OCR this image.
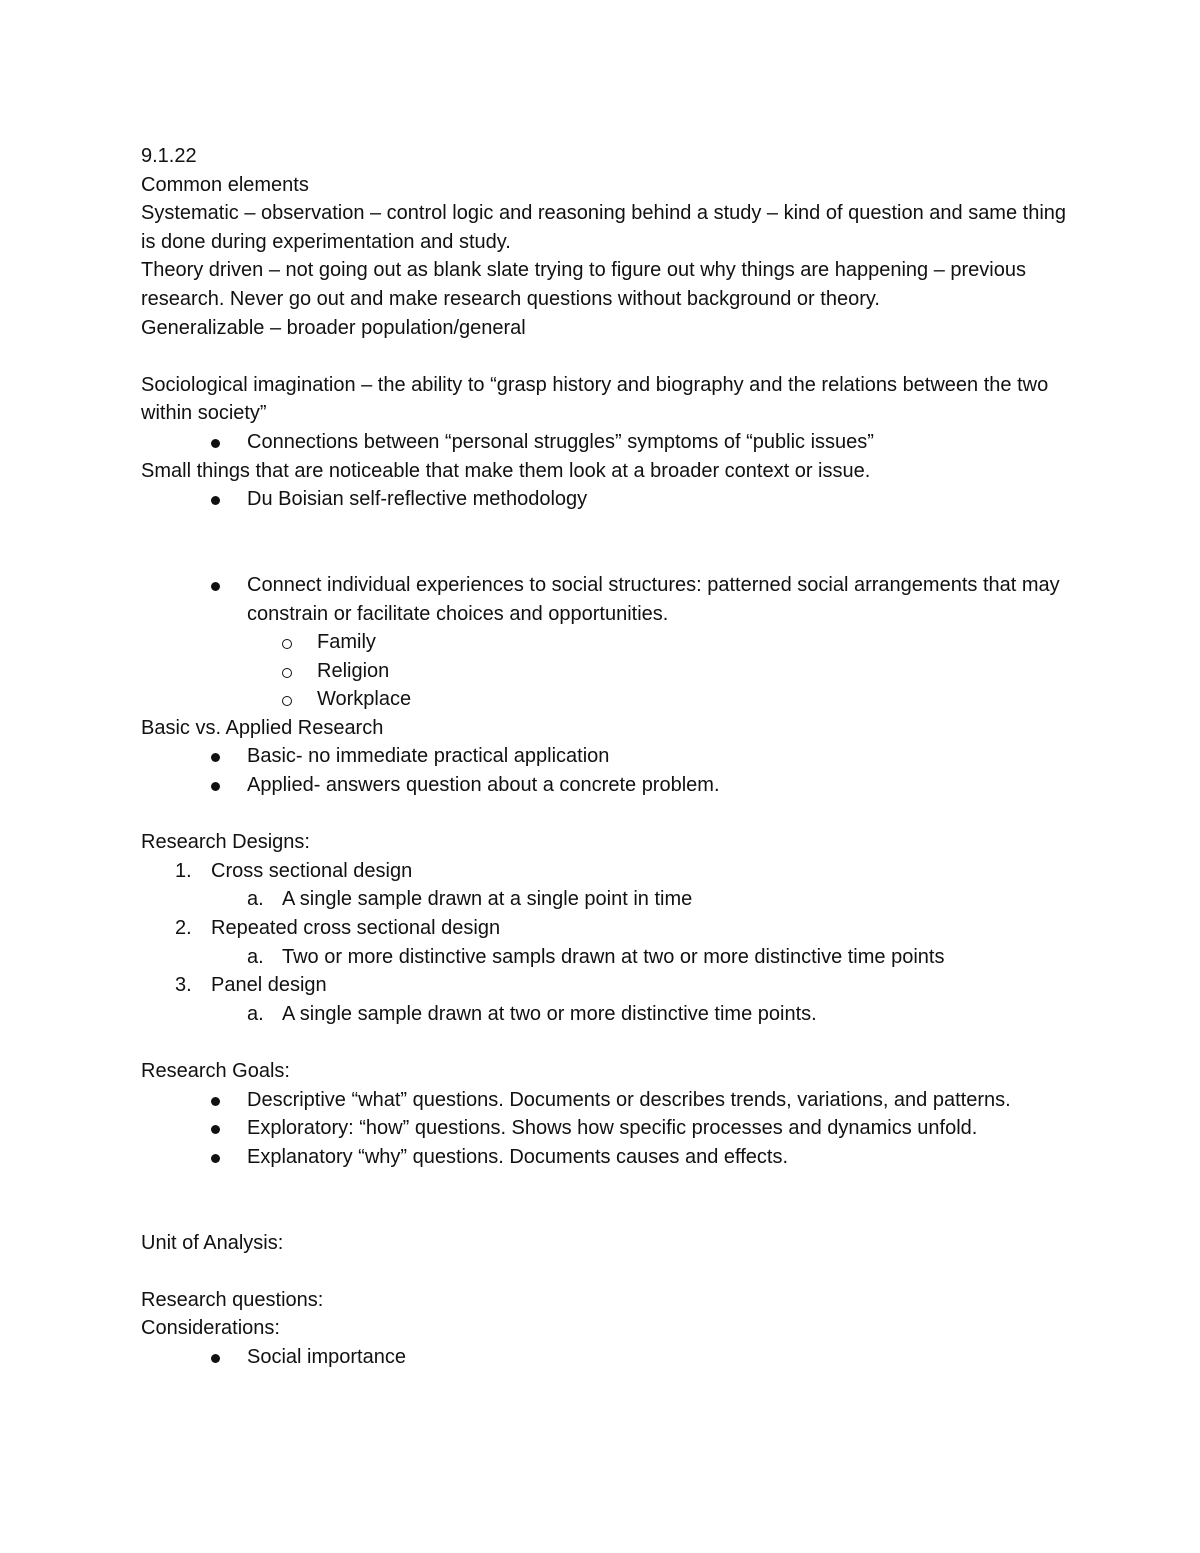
9.1.22

Common elements

Systematic – observation – control logic and reasoning behind a study – kind of question and same thing is done during experimentation and study.

Theory driven – not going out as blank slate trying to figure out why things are happening – previous research. Never go out and make research questions without background or theory.

Generalizable – broader population/general

Sociological imagination – the ability to “grasp history and biography and the relations between the two within society”

Connections between “personal struggles” symptoms of “public issues”

Small things that are noticeable that make them look at a broader context or issue.

Du Boisian self-reflective methodology
Connect individual experiences to social structures: patterned social arrangements that may constrain or facilitate choices and opportunities.
Family
Religion
Workplace

Basic vs. Applied Research

Basic- no immediate practical application
Applied- answers question about a concrete problem.

Research Designs:

1. Cross sectional design
a. A single sample drawn at a single point in time
2. Repeated cross sectional design
a. Two or more distinctive sampls drawn at two or more distinctive time points
3. Panel design
a. A single sample drawn at two or more distinctive time points.

Research Goals:

Descriptive “what” questions. Documents or describes trends, variations, and patterns.
Exploratory: “how” questions. Shows how specific processes and dynamics unfold.
Explanatory “why” questions. Documents causes and effects.

Unit of Analysis:

Research questions:

Considerations:

Social importance
